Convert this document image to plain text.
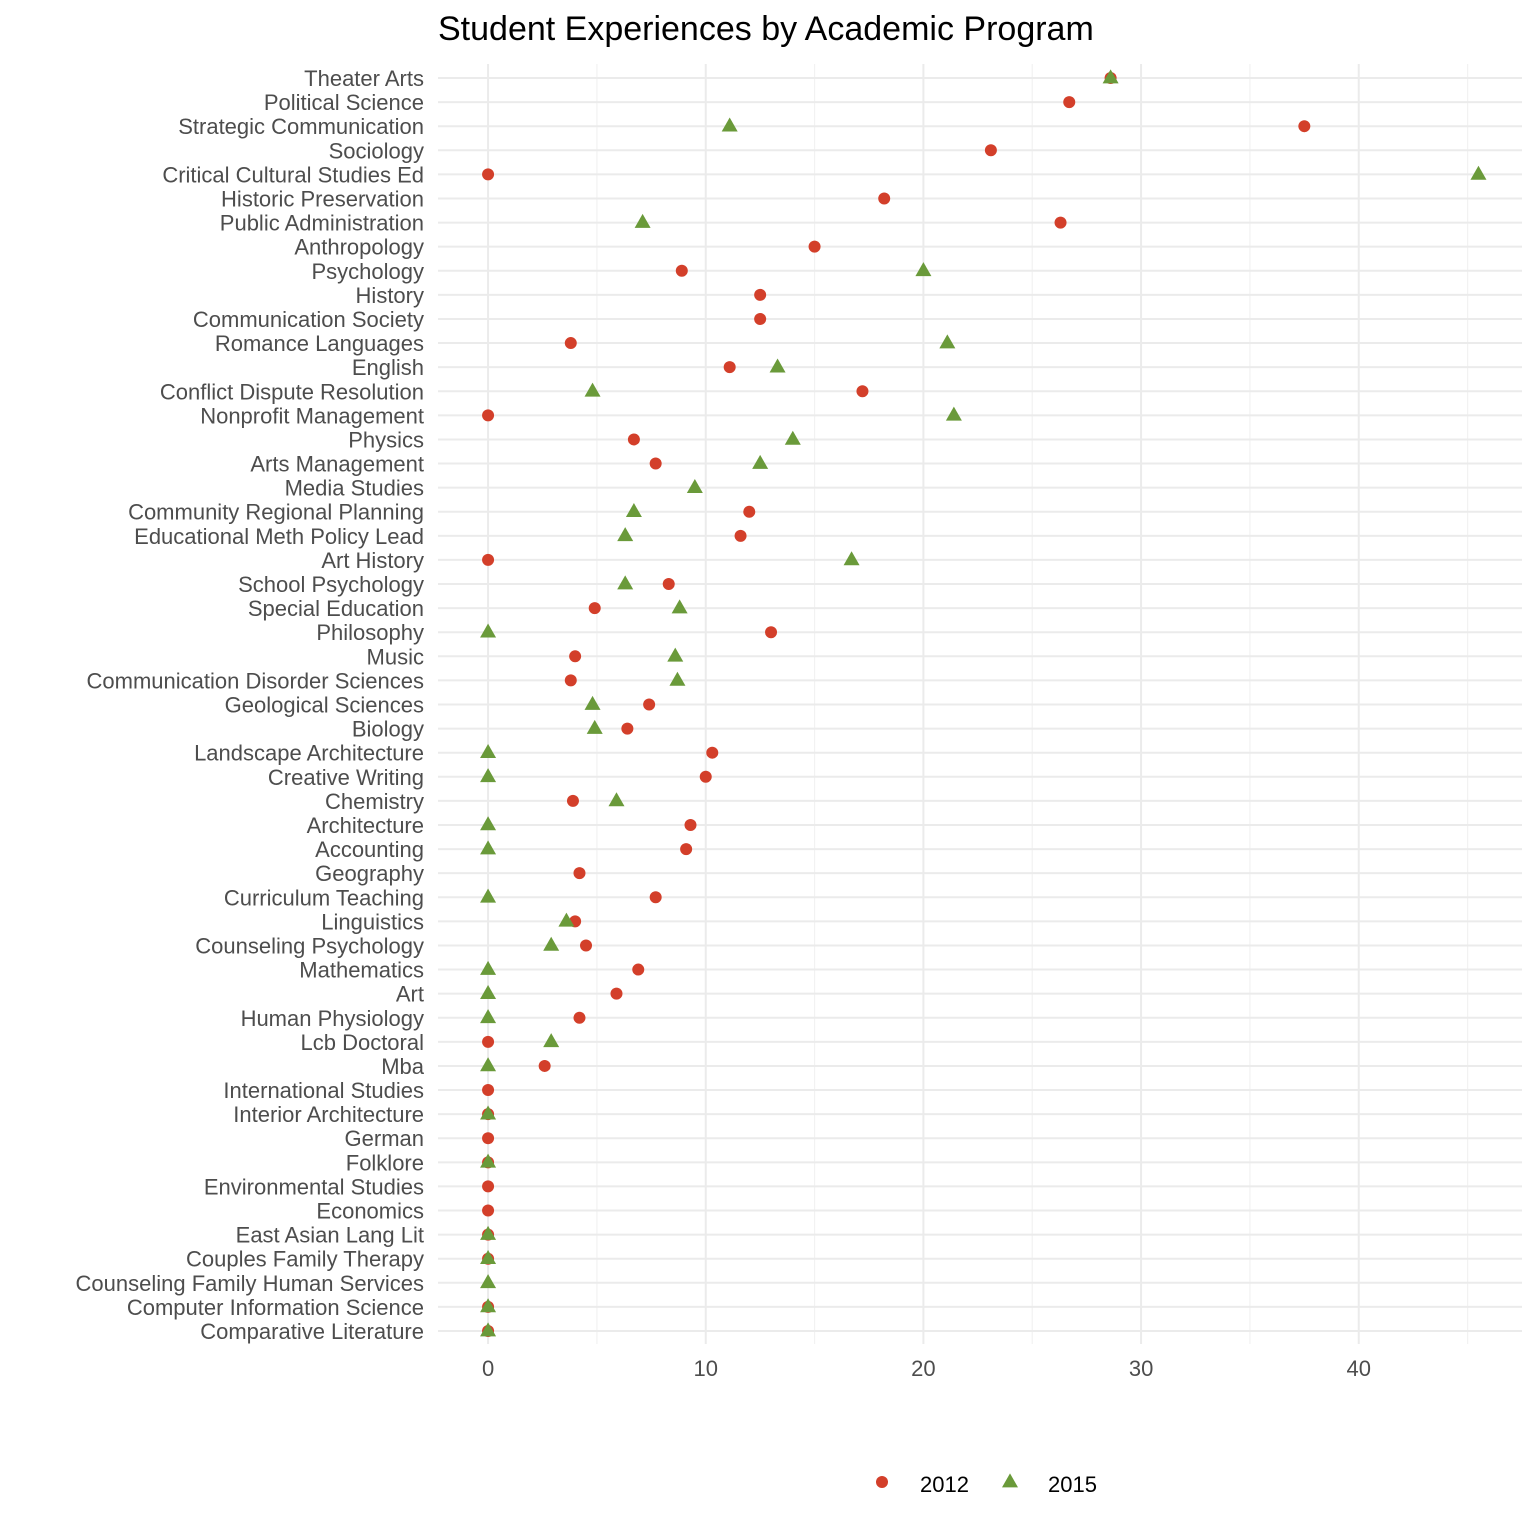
Student Experiences by Academic Program
Theater Arts
Political Science
Strategic Communication
Sociology
Critical Cultural Studies Ed
Historic Preservation
Public Administration
Anthropology
Psychology
History
Communication Society
Romance Languages
English
Conflict Dispute Resolution
Nonprofit Management
Physics
Arts Management
Media Studies
Community Regional Planning
Educational Meth Policy Lead
Art History
School Psychology
Special Education
Philosophy
Music
Communication Disorder Sciences
Geological Sciences
Biology
Landscape Architecture
Creative Writing
Chemistry
Architecture
Accounting
Geography
Curriculum Teaching
Linguistics
Counseling Psychology
Mathematics
Art
Human Physiology
Lcb Doctoral
Mba
International Studies
Interior Architecture
German
Folklore
Environmental Studies
Economics
East Asian Lang Lit
Couples Family Therapy
Counseling Family Human Services
Computer Information Science
Comparative Literature
0	10	20	30	40
2012	2015
